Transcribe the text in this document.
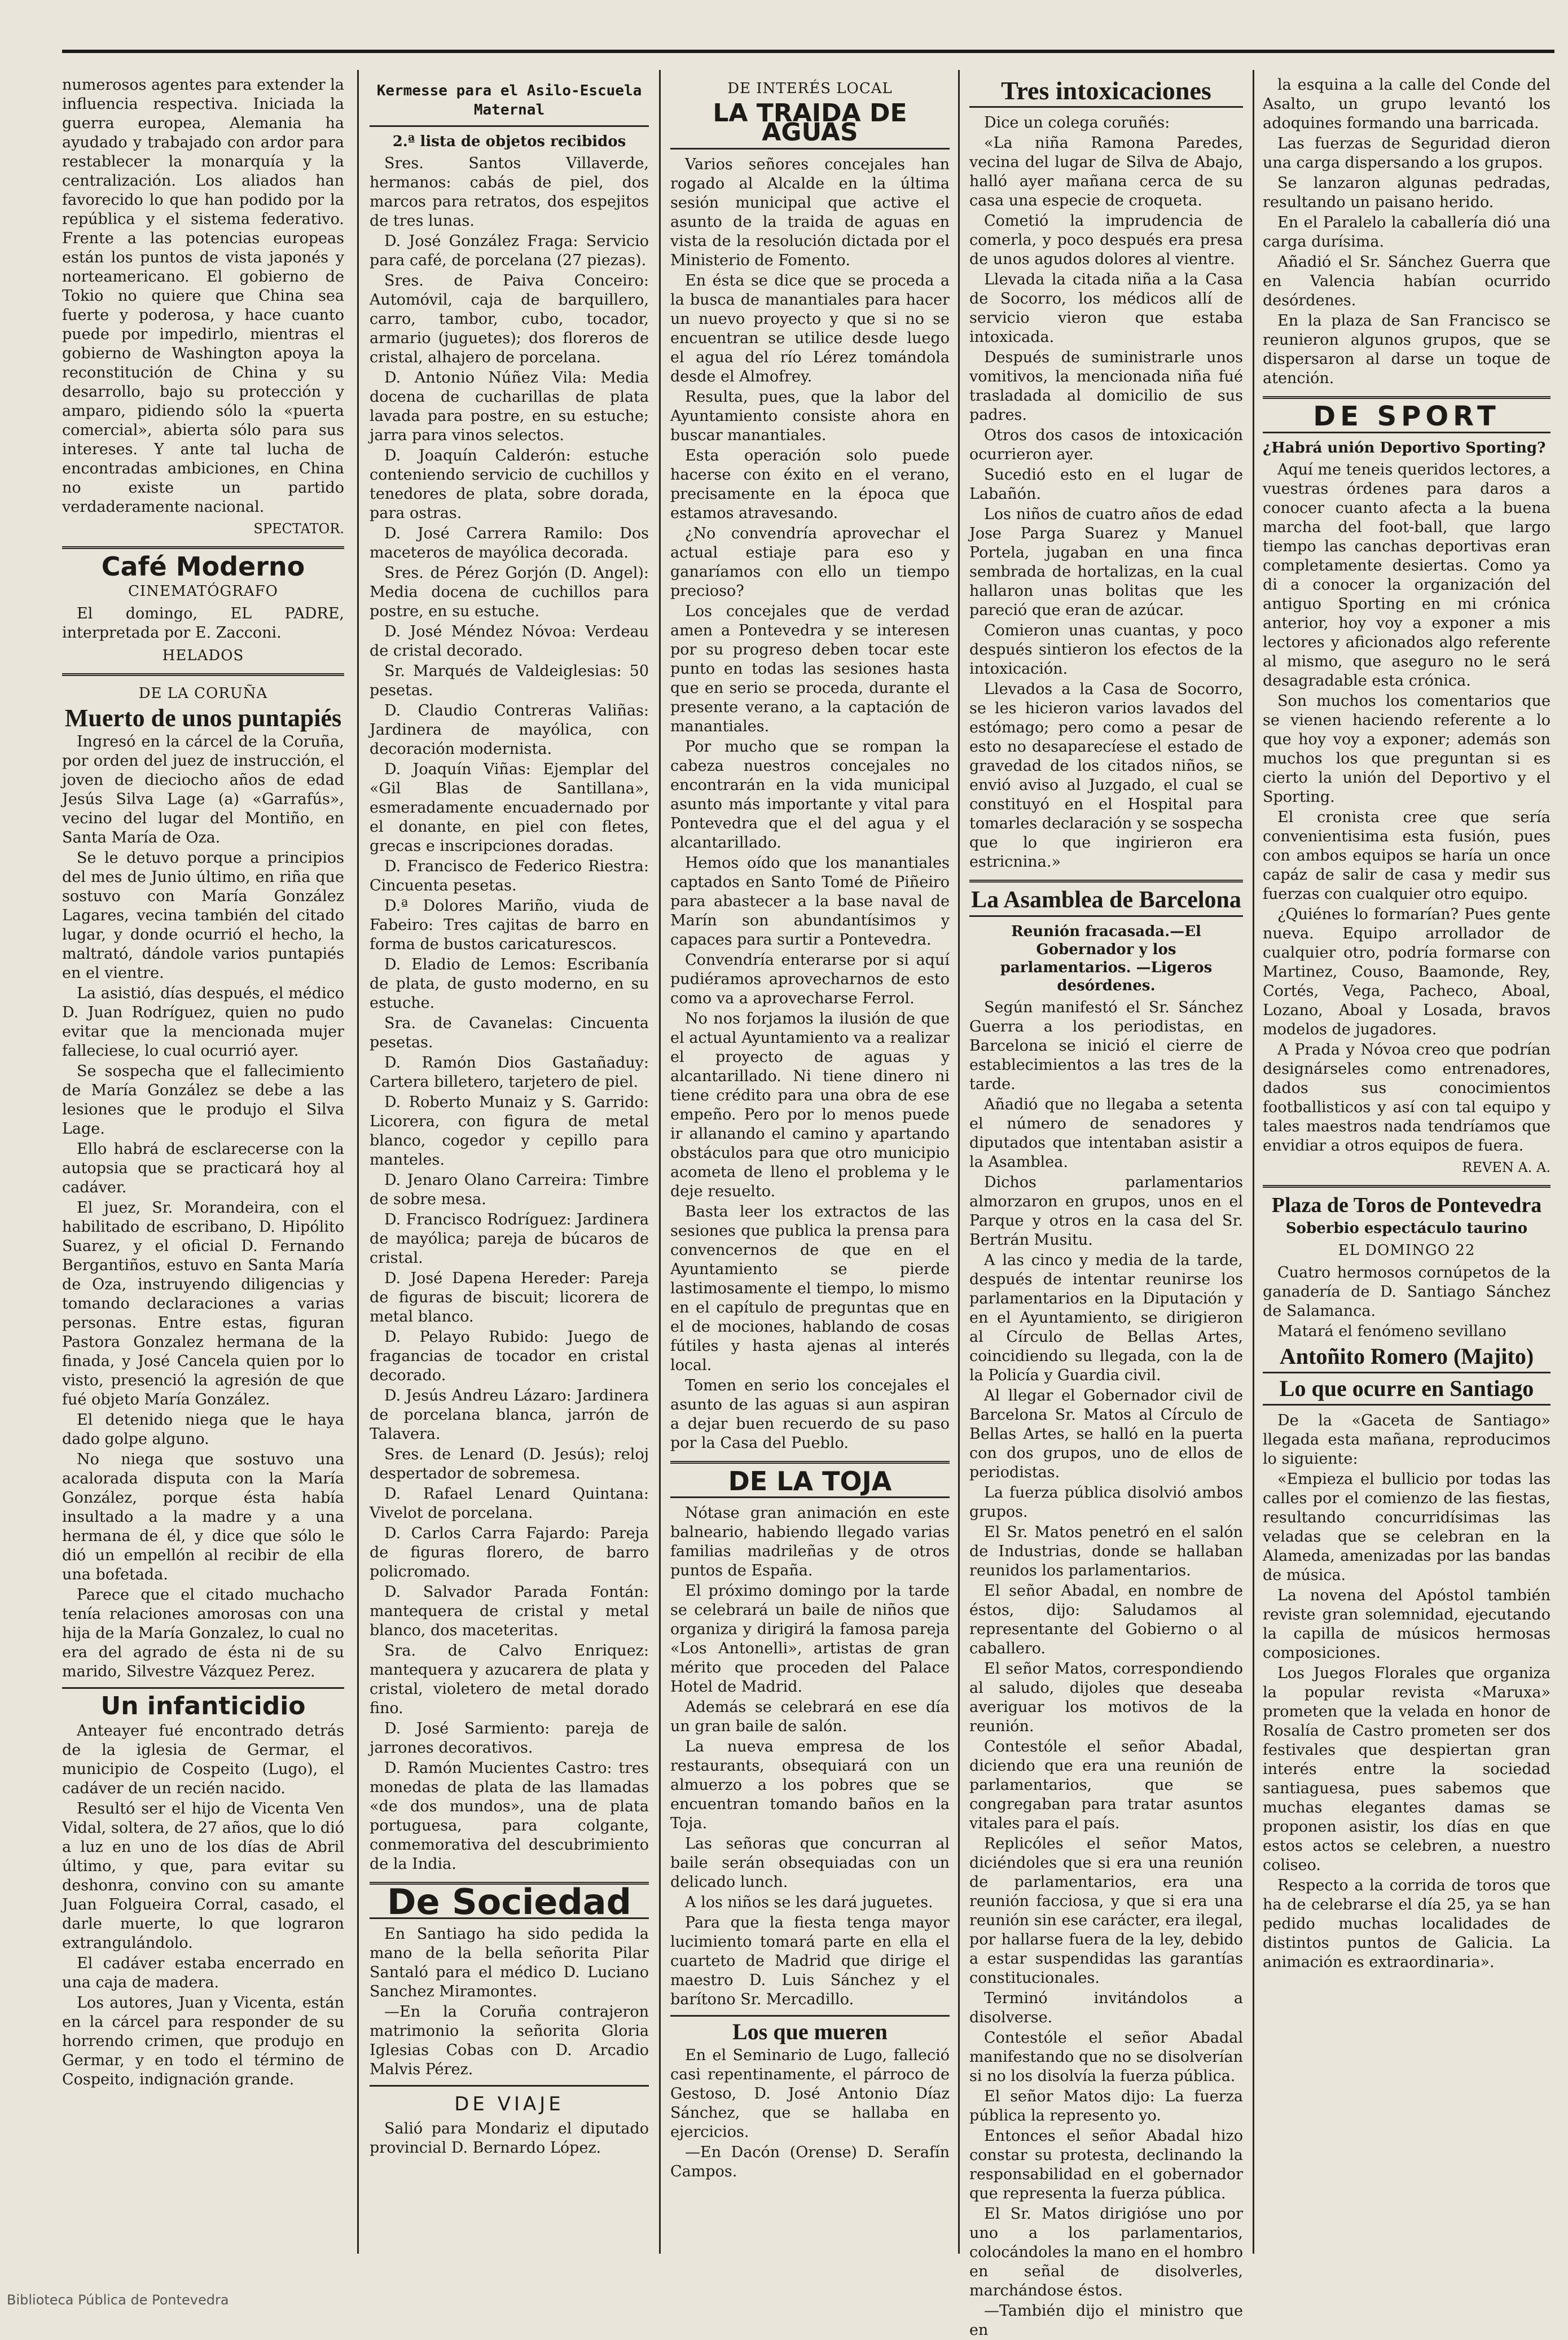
numerosos agentes para extender la influencia respectiva. Iniciada la guerra europea, Alemania ha ayudado y trabajado con ardor para restablecer la monarquía y la centralización. Los aliados han favorecido lo que han podido por la república y el sistema federativo. Frente a las potencias europeas están los puntos de vista japonés y norteamericano. El gobierno de Tokio no quiere que China sea fuerte y poderosa, y hace cuanto puede por impedirlo, mientras el gobierno de Washington apoya la reconstitución de China y su desarrollo, bajo su protección y amparo, pidiendo sólo la «puerta comercial», abierta sólo para sus intereses. Y ante tal lucha de encontradas ambiciones, en China no existe un partido verdaderamente nacional.

SPECTATOR.
Café Moderno
CINEMATÓGRAFO

El domingo, EL PADRE, interpretada por E. Zacconi.

HELADOS
DE LA CORUÑA
Muerto de unos puntapiés

Ingresó en la cárcel de la Coruña, por orden del juez de instrucción, el joven de dieciocho años de edad Jesús Silva Lage (a) «Garrafús», vecino del lugar del Montiño, en Santa María de Oza.

Se le detuvo porque a principios del mes de Junio último, en riña que sostuvo con María González Lagares, vecina también del citado lugar, y donde ocurrió el hecho, la maltrató, dándole varios puntapiés en el vientre.

La asistió, días después, el médico D. Juan Rodríguez, quien no pudo evitar que la mencionada mujer falleciese, lo cual ocurrió ayer.

Se sospecha que el fallecimiento de María González se debe a las lesiones que le produjo el Silva Lage.

Ello habrá de esclarecerse con la autopsia que se practicará hoy al cadáver.

El juez, Sr. Morandeira, con el habilitado de escribano, D. Hipólito Suarez, y el oficial D. Fernando Bergantiños, estuvo en Santa María de Oza, instruyendo diligencias y tomando declaraciones a varias personas. Entre estas, figuran Pastora Gonzalez hermana de la finada, y José Cancela quien por lo visto, presenció la agresión de que fué objeto María González.

El detenido niega que le haya dado golpe alguno.

No niega que sostuvo una acalorada disputa con la María González, porque ésta había insultado a la madre y a una hermana de él, y dice que sólo le dió un empellón al recibir de ella una bofetada.

Parece que el citado muchacho tenía relaciones amorosas con una hija de la María Gonzalez, lo cual no era del agrado de ésta ni de su marido, Silvestre Vázquez Perez.

Un infanticidio

Anteayer fué encontrado detrás de la iglesia de Germar, el municipio de Cospeito (Lugo), el cadáver de un recién nacido.

Resultó ser el hijo de Vicenta Ven Vidal, soltera, de 27 años, que lo dió a luz en uno de los días de Abril último, y que, para evitar su deshonra, convino con su amante Juan Folgueira Corral, casado, el darle muerte, lo que lograron extrangulándolo.

El cadáver estaba encerrado en una caja de madera.

Los autores, Juan y Vicenta, están en la cárcel para responder de su horrendo crimen, que produjo en Germar, y en todo el término de Cospeito, indignación grande.

Kermesse para el Asilo-Escuela Maternal
2.ª lista de objetos recibidos

Sres. Santos Villaverde, hermanos: cabás de piel, dos marcos para retratos, dos espejitos de tres lunas.

D. José González Fraga: Servicio para café, de porcelana (27 piezas).

Sres. de Paiva Conceiro: Automóvil, caja de barquillero, carro, tambor, cubo, tocador, armario (juguetes); dos floreros de cristal, alhajero de porcelana.

D. Antonio Núñez Vila: Media docena de cucharillas de plata lavada para postre, en su estuche; jarra para vinos selectos.

D. Joaquín Calderón: estuche conteniendo servicio de cuchillos y tenedores de plata, sobre dorada, para ostras.

D. José Carrera Ramilo: Dos maceteros de mayólica decorada.

Sres. de Pérez Gorjón (D. Angel): Media docena de cuchillos para postre, en su estuche.

D. José Méndez Nóvoa: Verdeau de cristal decorado.

Sr. Marqués de Valdeiglesias: 50 pesetas.

D. Claudio Contreras Valiñas: Jardinera de mayólica, con decoración modernista.

D. Joaquín Viñas: Ejemplar del «Gil Blas de Santillana», esmeradamente encuadernado por el donante, en piel con fletes, grecas e inscripciones doradas.

D. Francisco de Federico Riestra: Cincuenta pesetas.

D.ª Dolores Mariño, viuda de Fabeiro: Tres cajitas de barro en forma de bustos caricaturescos.

D. Eladio de Lemos: Escribanía de plata, de gusto moderno, en su estuche.

Sra. de Cavanelas: Cincuenta pesetas.

D. Ramón Dios Gastañaduy: Cartera billetero, tarjetero de piel.

D. Roberto Munaiz y S. Garrido: Licorera, con figura de metal blanco, cogedor y cepillo para manteles.

D. Jenaro Olano Carreira: Timbre de sobre mesa.

D. Francisco Rodríguez: Jardinera de mayólica; pareja de búcaros de cristal.

D. José Dapena Hereder: Pareja de figuras de biscuit; licorera de metal blanco.

D. Pelayo Rubido: Juego de fragancias de tocador en cristal decorado.

D. Jesús Andreu Lázaro: Jardinera de porcelana blanca, jarrón de Talavera.

Sres. de Lenard (D. Jesús); reloj despertador de sobremesa.

D. Rafael Lenard Quintana: Vivelot de porcelana.

D. Carlos Carra Fajardo: Pareja de figuras florero, de barro policromado.

D. Salvador Parada Fontán: mantequera de cristal y metal blanco, dos maceteritas.

Sra. de Calvo Enriquez: mantequera y azucarera de plata y cristal, violetero de metal dorado fino.

D. José Sarmiento: pareja de jarrones decorativos.

D. Ramón Mucientes Castro: tres monedas de plata de las llamadas «de dos mundos», una de plata portuguesa, para colgante, conmemorativa del descubrimiento de la India.

De Sociedad

En Santiago ha sido pedida la mano de la bella señorita Pilar Santaló para el médico D. Luciano Sanchez Miramontes.

—En la Coruña contrajeron matrimonio la señorita Gloria Iglesias Cobas con D. Arcadio Malvis Pérez.

DE VIAJE

Salió para Mondariz el diputado provincial D. Bernardo López.

DE INTERÉS LOCAL
LA TRAIDA DE AGUAS

Varios señores concejales han rogado al Alcalde en la última sesión municipal que active el asunto de la traida de aguas en vista de la resolución dictada por el Ministerio de Fomento.

En ésta se dice que se proceda a la busca de manantiales para hacer un nuevo proyecto y que si no se encuentran se utilice desde luego el agua del río Lérez tomándola desde el Almofrey.

Resulta, pues, que la labor del Ayuntamiento consiste ahora en buscar manantiales.

Esta operación solo puede hacerse con éxito en el verano, precisamente en la época que estamos atravesando.

¿No convendría aprovechar el actual estiaje para eso y ganaríamos con ello un tiempo precioso?

Los concejales que de verdad amen a Pontevedra y se interesen por su progreso deben tocar este punto en todas las sesiones hasta que en serio se proceda, durante el presente verano, a la captación de manantiales.

Por mucho que se rompan la cabeza nuestros concejales no encontrarán en la vida municipal asunto más importante y vital para Pontevedra que el del agua y el alcantarillado.

Hemos oído que los manantiales captados en Santo Tomé de Piñeiro para abastecer a la base naval de Marín son abundantísimos y capaces para surtir a Pontevedra.

Convendría enterarse por si aquí pudiéramos aprovecharnos de esto como va a aprovecharse Ferrol.

No nos forjamos la ilusión de que el actual Ayuntamiento va a realizar el proyecto de aguas y alcantarillado. Ni tiene dinero ni tiene crédito para una obra de ese empeño. Pero por lo menos puede ir allanando el camino y apartando obstáculos para que otro municipio acometa de lleno el problema y le deje resuelto.

Basta leer los extractos de las sesiones que publica la prensa para convencernos de que en el Ayuntamiento se pierde lastimosamente el tiempo, lo mismo en el capítulo de preguntas que en el de mociones, hablando de cosas fútiles y hasta ajenas al interés local.

Tomen en serio los concejales el asunto de las aguas si aun aspiran a dejar buen recuerdo de su paso por la Casa del Pueblo.

DE LA TOJA

Nótase gran animación en este balneario, habiendo llegado varias familias madrileñas y de otros puntos de España.

El próximo domingo por la tarde se celebrará un baile de niños que organiza y dirigirá la famosa pareja «Los Antonelli», artistas de gran mérito que proceden del Palace Hotel de Madrid.

Además se celebrará en ese día un gran baile de salón.

La nueva empresa de los restaurants, obsequiará con un almuerzo a los pobres que se encuentran tomando baños en la Toja.

Las señoras que concurran al baile serán obsequiadas con un delicado lunch.

A los niños se les dará juguetes.

Para que la fiesta tenga mayor lucimiento tomará parte en ella el cuarteto de Madrid que dirige el maestro D. Luis Sánchez y el barítono Sr. Mercadillo.

Los que mueren

En el Seminario de Lugo, falleció casi repentinamente, el párroco de Gestoso, D. José Antonio Díaz Sánchez, que se hallaba en ejercicios.

—En Dacón (Orense) D. Serafín Campos.

Tres intoxicaciones

Dice un colega coruñés:

«La niña Ramona Paredes, vecina del lugar de Silva de Abajo, halló ayer mañana cerca de su casa una especie de croqueta.

Cometió la imprudencia de comerla, y poco después era presa de unos agudos dolores al vientre.

Llevada la citada niña a la Casa de Socorro, los médicos allí de servicio vieron que estaba intoxicada.

Después de suministrarle unos vomitivos, la mencionada niña fué trasladada al domicilio de sus padres.

Otros dos casos de intoxicación ocurrieron ayer.

Sucedió esto en el lugar de Labañón.

Los niños de cuatro años de edad Jose Parga Suarez y Manuel Portela, jugaban en una finca sembrada de hortalizas, en la cual hallaron unas bolitas que les pareció que eran de azúcar.

Comieron unas cuantas, y poco después sintieron los efectos de la intoxicación.

Llevados a la Casa de Socorro, se les hicieron varios lavados del estómago; pero como a pesar de esto no desaparecíese el estado de gravedad de los citados niños, se envió aviso al Juzgado, el cual se constituyó en el Hospital para tomarles declaración y se sospecha que lo que ingirieron era estricnina.»

La Asamblea de Barcelona
Reunión fracasada.—El Gobernador y los parlamentarios. —Ligeros desórdenes.

Según manifestó el Sr. Sánchez Guerra a los periodistas, en Barcelona se inició el cierre de establecimientos a las tres de la tarde.

Añadió que no llegaba a setenta el número de senadores y diputados que intentaban asistir a la Asamblea.

Dichos parlamentarios almorzaron en grupos, unos en el Parque y otros en la casa del Sr. Bertrán Musitu.

A las cinco y media de la tarde, después de intentar reunirse los parlamentarios en la Diputación y en el Ayuntamiento, se dirigieron al Círculo de Bellas Artes, coincidiendo su llegada, con la de la Policía y Guardia civil.

Al llegar el Gobernador civil de Barcelona Sr. Matos al Círculo de Bellas Artes, se halló en la puerta con dos grupos, uno de ellos de periodistas.

La fuerza pública disolvió ambos grupos.

El Sr. Matos penetró en el salón de Industrias, donde se hallaban reunidos los parlamentarios.

El señor Abadal, en nombre de éstos, dijo: Saludamos al representante del Gobierno o al caballero.

El señor Matos, correspondiendo al saludo, dijoles que deseaba averiguar los motivos de la reunión.

Contestóle el señor Abadal, diciendo que era una reunión de parlamentarios, que se congregaban para tratar asuntos vitales para el país.

Replicóles el señor Matos, diciéndoles que si era una reunión de parlamentarios, era una reunión facciosa, y que si era una reunión sin ese carácter, era ilegal, por hallarse fuera de la ley, debido a estar suspendidas las garantías constitucionales.

Terminó invitándolos a disolverse.

Contestóle el señor Abadal manifestando que no se disolverían si no los disolvía la fuerza pública.

El señor Matos dijo: La fuerza pública la represento yo.

Entonces el señor Abadal hizo constar su protesta, declinando la responsabilidad en el gobernador que representa la fuerza pública.

El Sr. Matos dirigióse uno por uno a los parlamentarios, colocándoles la mano en el hombro en señal de disolverles, marchándose éstos.

—También dijo el ministro que en

la esquina a la calle del Conde del Asalto, un grupo levantó los adoquines formando una barricada.

Las fuerzas de Seguridad dieron una carga dispersando a los grupos.

Se lanzaron algunas pedradas, resultando un paisano herido.

En el Paralelo la caballería dió una carga durísima.

Añadió el Sr. Sánchez Guerra que en Valencia habían ocurrido desórdenes.

En la plaza de San Francisco se reunieron algunos grupos, que se dispersaron al darse un toque de atención.

DE SPORT
¿Habrá unión Deportivo Sporting?

Aquí me teneis queridos lectores, a vuestras órdenes para daros a conocer cuanto afecta a la buena marcha del foot-ball, que largo tiempo las canchas deportivas eran completamente desiertas. Como ya di a conocer la organización del antiguo Sporting en mi crónica anterior, hoy voy a exponer a mis lectores y aficionados algo referente al mismo, que aseguro no le será desagradable esta crónica.

Son muchos los comentarios que se vienen haciendo referente a lo que hoy voy a exponer; además son muchos los que preguntan si es cierto la unión del Deportivo y el Sporting.

El cronista cree que sería convenientisima esta fusión, pues con ambos equipos se haría un once capáz de salir de casa y medir sus fuerzas con cualquier otro equipo.

¿Quiénes lo formarían? Pues gente nueva. Equipo arrollador de cualquier otro, podría formarse con Martinez, Couso, Baamonde, Rey, Cortés, Vega, Pacheco, Aboal, Lozano, Aboal y Losada, bravos modelos de jugadores.

A Prada y Nóvoa creo que podrían designárseles como entrenadores, dados sus conocimientos footballisticos y así con tal equipo y tales maestros nada tendríamos que envidiar a otros equipos de fuera.

REVEN A. A.
Plaza de Toros de Pontevedra
Soberbio espectáculo taurino
EL DOMINGO 22

Cuatro hermosos cornúpetos de la ganadería de D. Santiago Sánchez de Salamanca.

Matará el fenómeno sevillano

Antoñito Romero (Majito)
Lo que ocurre en Santiago

De la «Gaceta de Santiago» llegada esta mañana, reproducimos lo siguiente:

«Empieza el bullicio por todas las calles por el comienzo de las fiestas, resultando concurridísimas las veladas que se celebran en la Alameda, amenizadas por las bandas de música.

La novena del Apóstol también reviste gran solemnidad, ejecutando la capilla de músicos hermosas composiciones.

Los Juegos Florales que organiza la popular revista «Maruxa» prometen que la velada en honor de Rosalía de Castro prometen ser dos festivales que despiertan gran interés entre la sociedad santiaguesa, pues sabemos que muchas elegantes damas se proponen asistir, los días en que estos actos se celebren, a nuestro coliseo.

Respecto a la corrida de toros que ha de celebrarse el día 25, ya se han pedido muchas localidades de distintos puntos de Galicia. La animación es extraordinaria».

Biblioteca Pública de Pontevedra
